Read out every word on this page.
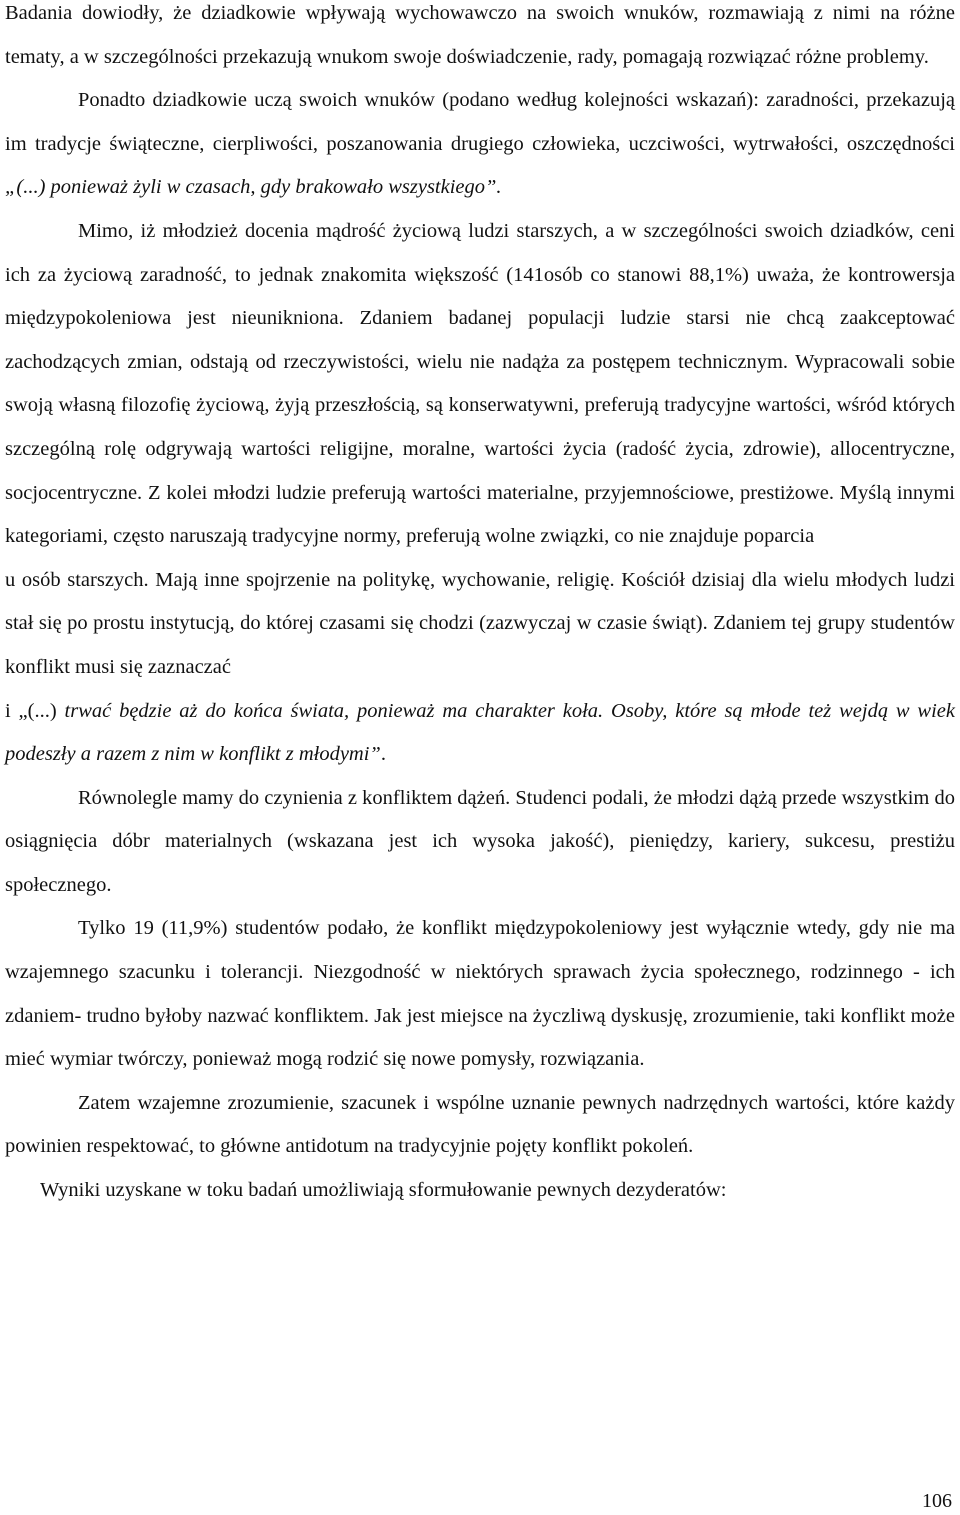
Badania dowiodły, że dziadkowie wpływają wychowawczo na swoich wnuków, rozmawiają z nimi na różne tematy, a w szczególności przekazują wnukom swoje doświadczenie, rady, pomagają rozwiązać różne problemy.

Ponadto dziadkowie uczą swoich wnuków (podano według kolejności wskazań): zaradności, przekazują im tradycje świąteczne, cierpliwości, poszanowania drugiego człowieka, uczciwości, wytrwałości, oszczędności „(...) ponieważ żyli w czasach, gdy brakowało wszystkiego”.

Mimo, iż młodzież docenia mądrość życiową ludzi starszych, a w szczególności swoich dziadków, ceni ich za życiową zaradność, to jednak znakomita większość (141osób co stanowi 88,1%) uważa, że kontrowersja międzypokoleniowa jest nieunikniona. Zdaniem badanej populacji ludzie starsi nie chcą zaakceptować zachodzących zmian, odstają od rzeczywistości, wielu nie nadąża za postępem technicznym. Wypracowali sobie swoją własną filozofię życiową, żyją przeszłością, są konserwatywni, preferują tradycyjne wartości, wśród których szczególną rolę odgrywają wartości religijne, moralne, wartości życia (radość życia, zdrowie), allocentryczne, socjocentryczne. Z kolei młodzi ludzie preferują wartości materialne, przyjemnościowe, prestiżowe. Myślą innymi kategoriami, często naruszają tradycyjne normy, preferują wolne związki, co nie znajduje poparcia
u osób starszych. Mają inne spojrzenie na politykę, wychowanie, religię. Kościół dzisiaj dla wielu młodych ludzi stał się po prostu instytucją, do której czasami się chodzi (zazwyczaj w czasie świąt). Zdaniem tej grupy studentów konflikt musi się zaznaczać
i „(...) trwać będzie aż do końca świata, ponieważ ma charakter koła. Osoby, które są młode też wejdą w wiek podeszły a razem z nim w konflikt z młodymi”.

Równolegle mamy do czynienia z konfliktem dążeń. Studenci podali, że młodzi dążą przede wszystkim do osiągnięcia dóbr materialnych (wskazana jest ich wysoka jakość), pieniędzy, kariery, sukcesu, prestiżu społecznego.

Tylko 19 (11,9%) studentów podało, że konflikt międzypokoleniowy jest wyłącznie wtedy, gdy nie ma wzajemnego szacunku i tolerancji. Niezgodność w niektórych sprawach życia społecznego, rodzinnego - ich zdaniem- trudno byłoby nazwać konfliktem. Jak jest miejsce na życzliwą dyskusję, zrozumienie, taki konflikt może mieć wymiar twórczy, ponieważ mogą rodzić się nowe pomysły, rozwiązania.

Zatem wzajemne zrozumienie, szacunek i wspólne uznanie pewnych nadrzędnych wartości, które każdy powinien respektować, to główne antidotum na tradycyjnie pojęty konflikt pokoleń.

Wyniki uzyskane w toku badań umożliwiają sformułowanie pewnych dezyderatów:

106
